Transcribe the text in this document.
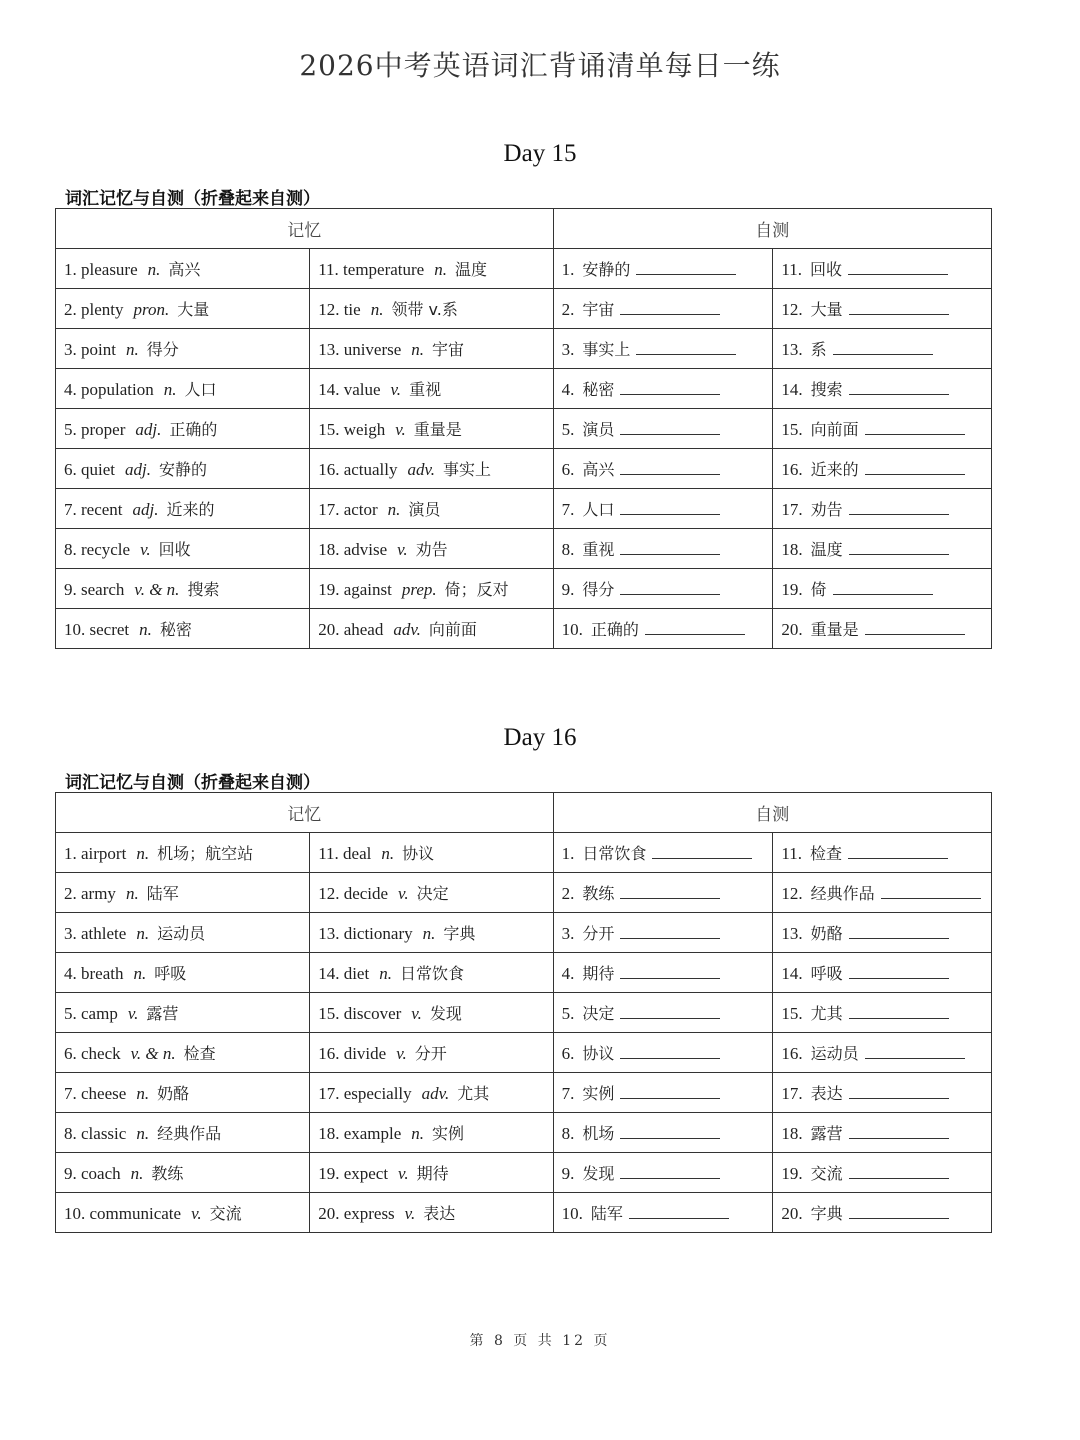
2026中考英语词汇背诵清单每日一练
Day 15
词汇记忆与自测（折叠起来自测）
记忆		自测	
1. pleasure n. 高兴	11. temperature n. 温度	1. 安静的	11. 回收
2. plenty pron. 大量	12. tie n. 领带 v.系	2. 宇宙	12. 大量
3. point n. 得分	13. universe n. 宇宙	3. 事实上	13. 系
4. population n. 人口	14. value v. 重视	4. 秘密	14. 搜索
5. proper adj. 正确的	15. weigh v. 重量是	5. 演员	15. 向前面
6. quiet adj. 安静的	16. actually adv. 事实上	6. 高兴	16. 近来的
7. recent adj. 近来的	17. actor n. 演员	7. 人口	17. 劝告
8. recycle v. 回收	18. advise v. 劝告	8. 重视	18. 温度
9. search v. & n. 搜索	19. against prep. 倚；反对	9. 得分	19. 倚
10. secret n. 秘密	20. ahead adv. 向前面	10. 正确的	20. 重量是
Day 16
词汇记忆与自测（折叠起来自测）
记忆		自测	
1. airport n. 机场；航空站	11. deal n. 协议	1. 日常饮食	11. 检查
2. army n. 陆军	12. decide v. 决定	2. 教练	12. 经典作品
3. athlete n. 运动员	13. dictionary n. 字典	3. 分开	13. 奶酪
4. breath n. 呼吸	14. diet n. 日常饮食	4. 期待	14. 呼吸
5. camp v. 露营	15. discover v. 发现	5. 决定	15. 尤其
6. check v. & n. 检查	16. divide v. 分开	6. 协议	16. 运动员
7. cheese n. 奶酪	17. especially adv. 尤其	7. 实例	17. 表达
8. classic n. 经典作品	18. example n. 实例	8. 机场	18. 露营
9. coach n. 教练	19. expect v. 期待	9. 发现	19. 交流
10. communicate v. 交流	20. express v. 表达	10. 陆军	20. 字典
第 8 页 共 12 页
